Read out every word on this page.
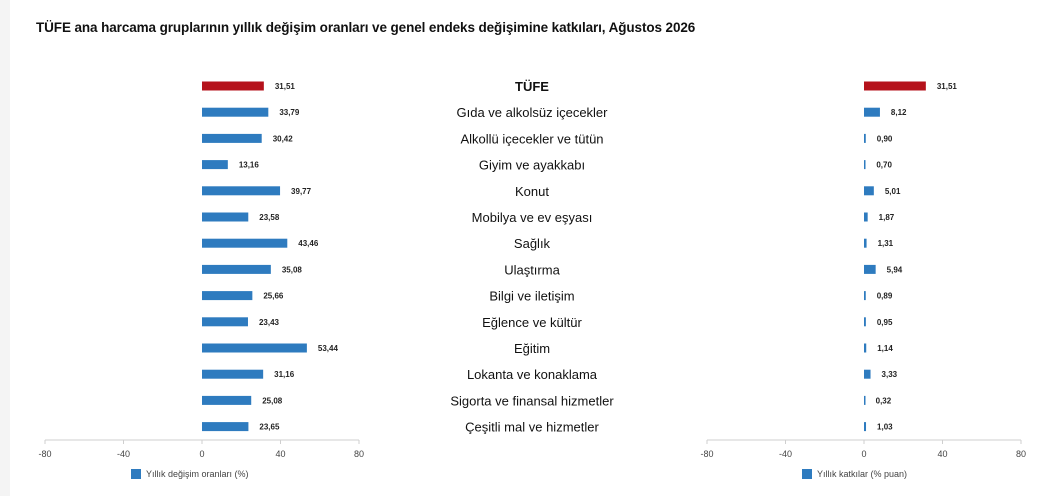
TÜFE ana harcama gruplarının yıllık değişim oranları ve genel endeks değişimine katkıları, Ağustos 2026
-80	-40	0	40	80
31,51
33,79
30,42
13,16
39,77
23,58
43,46
35,08
25,66
23,43
53,44
31,16
25,08
23,65
-80	-40	0	40	80
31,51
8,12
0,90
0,70
5,01
1,87
1,31
5,94
0,89
0,95
1,14
3,33
0,32
1,03
TÜFE
Gıda ve alkolsüz içecekler
Alkollü içecekler ve tütün
Giyim ve ayakkabı
Konut
Mobilya ve ev eşyası
Sağlık
Ulaştırma
Bilgi ve iletişim
Eğlence ve kültür
Eğitim
Lokanta ve konaklama
Sigorta ve finansal hizmetler
Çeşitli mal ve hizmetler
Yıllık değişim oranları (%)	Yıllık katkılar (% puan)
